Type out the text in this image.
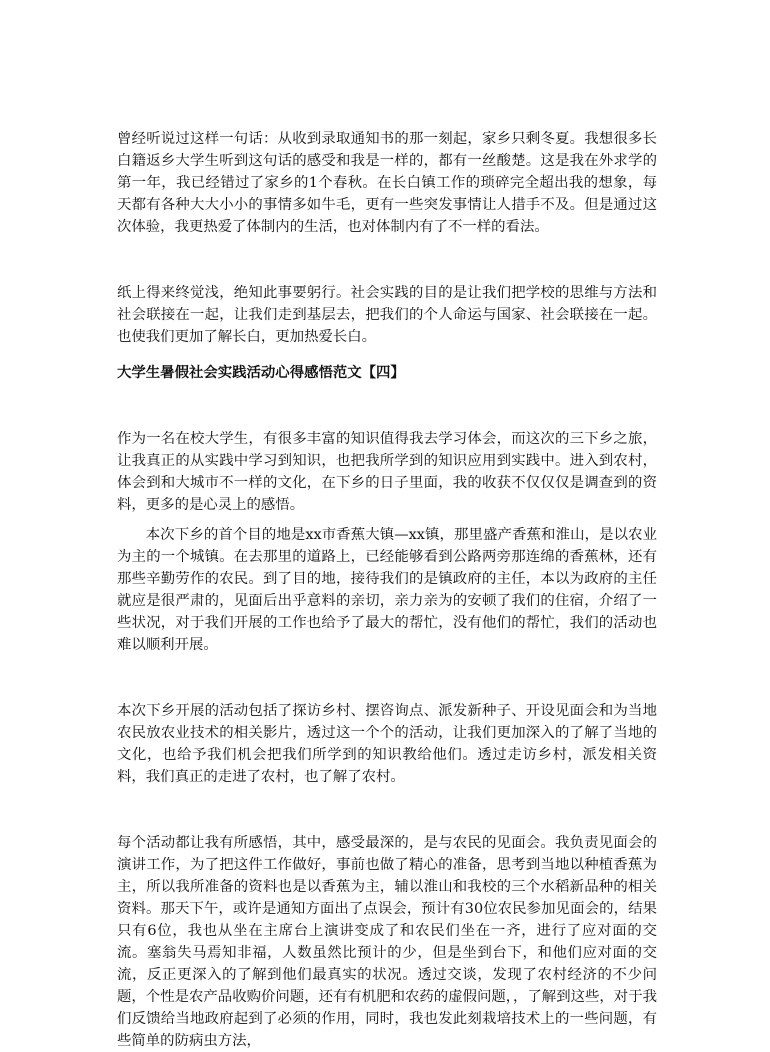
曾经听说过这样一句话：从收到录取通知书的那一刻起，家乡只剩冬夏。我想很多长白籍返乡大学生听到这句话的感受和我是一样的，都有一丝酸楚。这是我在外求学的第一年，我已经错过了家乡的1个春秋。在长白镇工作的琐碎完全超出我的想象，每天都有各种大大小小的事情多如牛毛，更有一些突发事情让人措手不及。但是通过这次体验，我更热爱了体制内的生活，也对体制内有了不一样的看法。

纸上得来终觉浅，绝知此事要躬行。社会实践的目的是让我们把学校的思维与方法和社会联接在一起，让我们走到基层去，把我们的个人命运与国家、社会联接在一起。也使我们更加了解长白，更加热爱长白。

大学生暑假社会实践活动心得感悟范文【四】

作为一名在校大学生，有很多丰富的知识值得我去学习体会，而这次的三下乡之旅，让我真正的从实践中学习到知识，也把我所学到的知识应用到实践中。进入到农村，体会到和大城市不一样的文化，在下乡的日子里面，我的收获不仅仅仅是调查到的资料，更多的是心灵上的感悟。

本次下乡的首个目的地是xx市香蕉大镇—xx镇，那里盛产香蕉和淮山，是以农业为主的一个城镇。在去那里的道路上，已经能够看到公路两旁那连绵的香蕉林，还有那些辛勤劳作的农民。到了目的地，接待我们的是镇政府的主任，本以为政府的主任就应是很严肃的，见面后出乎意料的亲切，亲力亲为的安顿了我们的住宿，介绍了一些状况，对于我们开展的工作也给予了最大的帮忙，没有他们的帮忙，我们的活动也难以顺利开展。

本次下乡开展的活动包括了探访乡村、摆咨询点、派发新种子、开设见面会和为当地农民放农业技术的相关影片，透过这一个个的活动，让我们更加深入的了解了当地的文化，也给予我们机会把我们所学到的知识教给他们。透过走访乡村，派发相关资料，我们真正的走进了农村，也了解了农村。

每个活动都让我有所感悟，其中，感受最深的，是与农民的见面会。我负责见面会的演讲工作，为了把这件工作做好，事前也做了精心的准备，思考到当地以种植香蕉为主，所以我所准备的资料也是以香蕉为主，辅以淮山和我校的三个水稻新品种的相关资料。那天下午，或许是通知方面出了点误会，预计有30位农民参加见面会的，结果只有6位，我也从坐在主席台上演讲变成了和农民们坐在一齐，进行了应对面的交流。塞翁失马焉知非福，人数虽然比预计的少，但是坐到台下，和他们应对面的交流，反正更深入的了解到他们最真实的状况。透过交谈，发现了农村经济的不少问题，个性是农产品收购价问题，还有有机肥和农药的虚假问题，，了解到这些，对于我们反馈给当地政府起到了必须的作用，同时，我也发此刻栽培技术上的一些问题，有些简单的防病虫方法，
